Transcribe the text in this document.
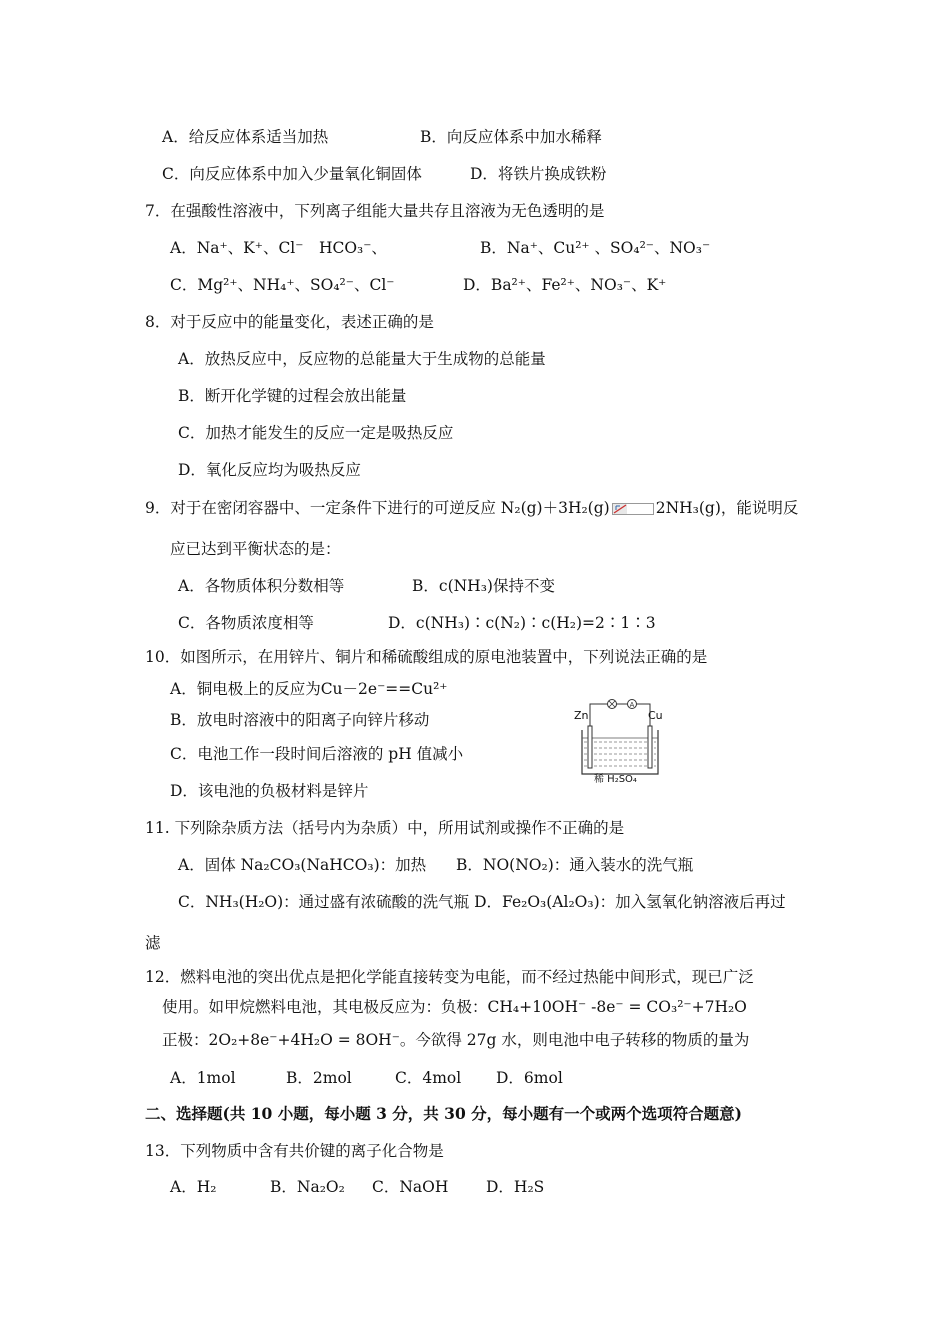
A．给反应体系适当加热	B．向反应体系中加水稀释
C．向反应体系中加入少量氧化铜固体	D．将铁片换成铁粉
7．在强酸性溶液中，下列离子组能大量共存且溶液为无色透明的是
A．Na⁺、K⁺、Cl⁻　HCO₃⁻、	B．Na⁺、Cu²⁺ 、SO₄²⁻、NO₃⁻
C．Mg²⁺、NH₄⁺、SO₄²⁻、Cl⁻	D．Ba²⁺、Fe²⁺、NO₃⁻、K⁺
8．对于反应中的能量变化，表述正确的是
A．放热反应中，反应物的总能量大于生成物的总能量
B．断开化学键的过程会放出能量
C．加热才能发生的反应一定是吸热反应
D．氧化反应均为吸热反应
9．对于在密闭容器中、一定条件下进行的可逆反应 N₂(g)＋3H₂(g)	2NH₃(g)，能说明反
应已达到平衡状态的是：
A．各物质体积分数相等	B．c(NH₃)保持不变
C．各物质浓度相等	D．c(NH₃)∶c(N₂)∶c(H₂)=2∶1∶3
10．如图所示，在用锌片、铜片和稀硫酸组成的原电池装置中，下列说法正确的是
A．铜电极上的反应为Cu－2e⁻==Cu²⁺
B．放电时溶液中的阳离子向锌片移动
C．电池工作一段时间后溶液的 pH 值减小
D．该电池的负极材料是锌片
A
Zn	Cu
稀 H₂SO₄
11. 下列除杂质方法（括号内为杂质）中，所用试剂或操作不正确的是
A．固体 Na₂CO₃(NaHCO₃)：加热 B．NO(NO₂)：通入装水的洗气瓶
C．NH₃(H₂O)：通过盛有浓硫酸的洗气瓶 D．Fe₂O₃(Al₂O₃)：加入氢氧化钠溶液后再过
滤
12．燃料电池的突出优点是把化学能直接转变为电能，而不经过热能中间形式，现已广泛
使用。如甲烷燃料电池，其电极反应为：负极：CH₄+10OH⁻ -8e⁻ = CO₃²⁻+7H₂O
正极：2O₂+8e⁻+4H₂O = 8OH⁻。今欲得 27g 水，则电池中电子转移的物质的量为
A．1mol	B．2mol	C．4mol D．6mol
二、选择题(共 10 小题，每小题 3 分，共 30 分，每小题有一个或两个选项符合题意)
13．下列物质中含有共价键的离子化合物是
A．H₂	B．Na₂O₂ C．NaOH D．H₂S
